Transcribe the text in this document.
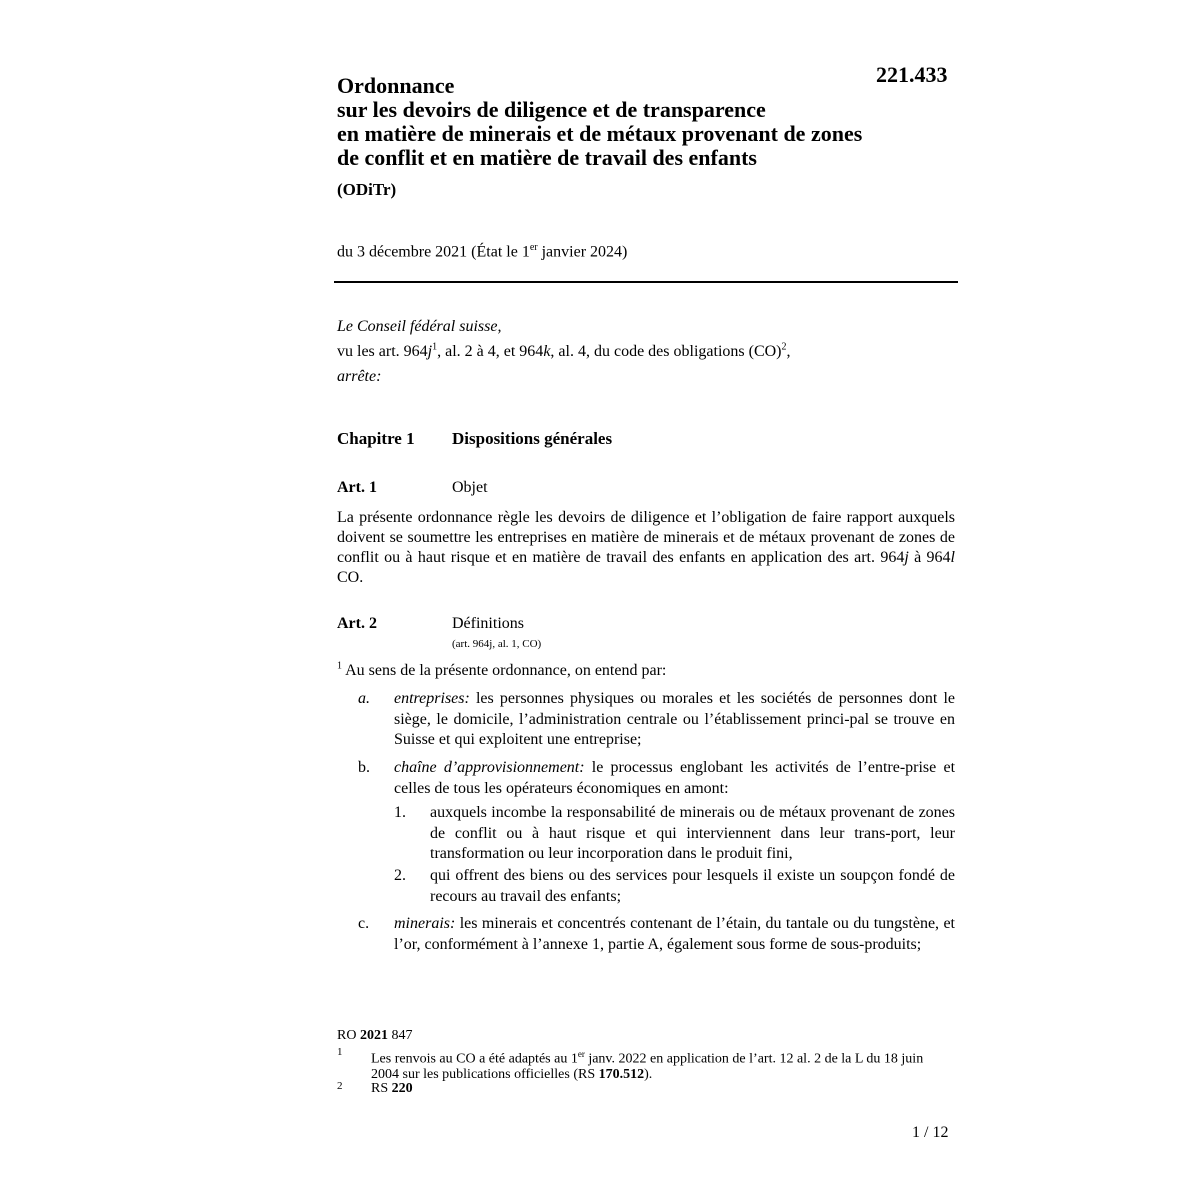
221.433
Ordonnance
sur les devoirs de diligence et de transparence
en matière de minerais et de métaux provenant de zones
de conflit et en matière de travail des enfants
(ODiTr)
du 3 décembre 2021 (État le 1er janvier 2024)
Le Conseil fédéral suisse,
vu les art. 964j$^1$, al. 2 à 4, et 964k, al. 4, du code des obligations (CO)$^2$,
arrête:
Chapitre 1 Dispositions générales
Art. 1	Objet
La présente ordonnance règle les devoirs de diligence et l’obligation de faire rapport auxquels doivent se soumettre les entreprises en matière de minerais et de métaux provenant de zones de conflit ou à haut risque et en matière de travail des enfants en application des art. 964j à 964l CO.
Art. 2	Définitions
(art. 964j, al. 1, CO)
$^1$ Au sens de la présente ordonnance, on entend par:
a. entreprises: les personnes physiques ou morales et les sociétés de personnes dont le siège, le domicile, l’administration centrale ou l’établissement princi-pal se trouve en Suisse et qui exploitent une entreprise;
b. chaîne d’approvisionnement: le processus englobant les activités de l’entre-prise et celles de tous les opérateurs économiques en amont:
1. auxquels incombe la responsabilité de minerais ou de métaux provenant de zones de conflit ou à haut risque et qui interviennent dans leur trans-port, leur transformation ou leur incorporation dans le produit fini,
2. qui offrent des biens ou des services pour lesquels il existe un soupçon fondé de recours au travail des enfants;
c. minerais: les minerais et concentrés contenant de l’étain, du tantale ou du tungstène, et l’or, conformément à l’annexe 1, partie A, également sous forme de sous-produits;
RO 2021 847
1 Les renvois au CO a été adaptés au 1er janv. 2022 en application de l’art. 12 al. 2 de la L du 18 juin 2004 sur les publications officielles (RS 170.512).
2 RS 220
1 / 12
